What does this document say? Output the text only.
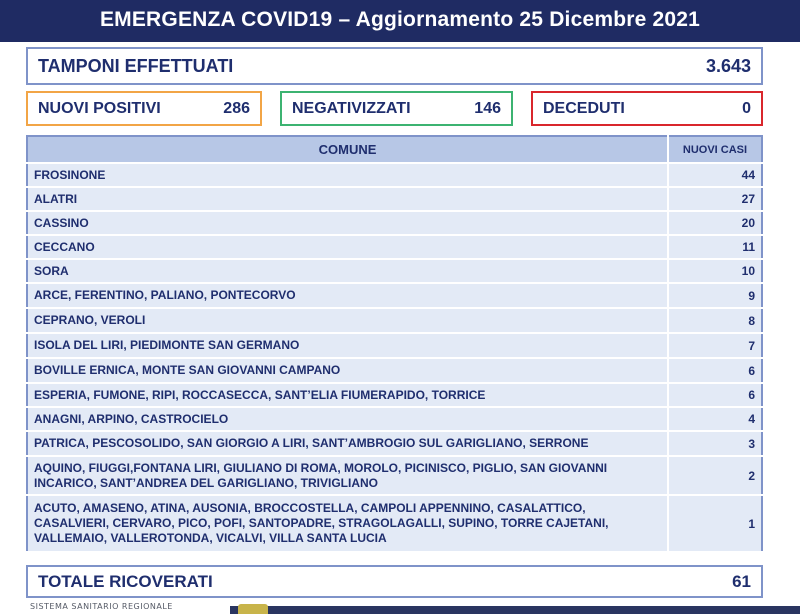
EMERGENZA COVID19 – Aggiornamento 25 Dicembre 2021
TAMPONI EFFETTUATI	3.643
NUOVI POSITIVI	286	NEGATIVIZZATI	146	DECEDUTI	0
COMUNE	NUOVI CASI
FROSINONE	44
ALATRI	27
CASSINO	20
CECCANO	11
SORA	10
ARCE, FERENTINO, PALIANO, PONTECORVO	9
CEPRANO, VEROLI	8
ISOLA DEL LIRI, PIEDIMONTE SAN GERMANO	7
BOVILLE ERNICA, MONTE SAN GIOVANNI CAMPANO	6
ESPERIA, FUMONE, RIPI, ROCCASECCA, SANT’ELIA FIUMERAPIDO, TORRICE	6
ANAGNI, ARPINO, CASTROCIELO	4
PATRICA, PESCOSOLIDO, SAN GIORGIO A LIRI, SANT’AMBROGIO SUL GARIGLIANO, SERRONE	3
AQUINO, FIUGGI,FONTANA LIRI, GIULIANO DI ROMA, MOROLO, PICINISCO, PIGLIO, SAN GIOVANNI INCARICO, SANT’ANDREA DEL GARIGLIANO, TRIVIGLIANO	2
ACUTO, AMASENO, ATINA, AUSONIA, BROCCOSTELLA, CAMPOLI APPENNINO, CASALATTICO, CASALVIERI, CERVARO, PICO, POFI, SANTOPADRE, STRAGOLAGALLI, SUPINO, TORRE CAJETANI, VALLEMAIO, VALLEROTONDA, VICALVI, VILLA SANTA LUCIA	1
TOTALE RICOVERATI	61
SISTEMA SANITARIO REGIONALE
